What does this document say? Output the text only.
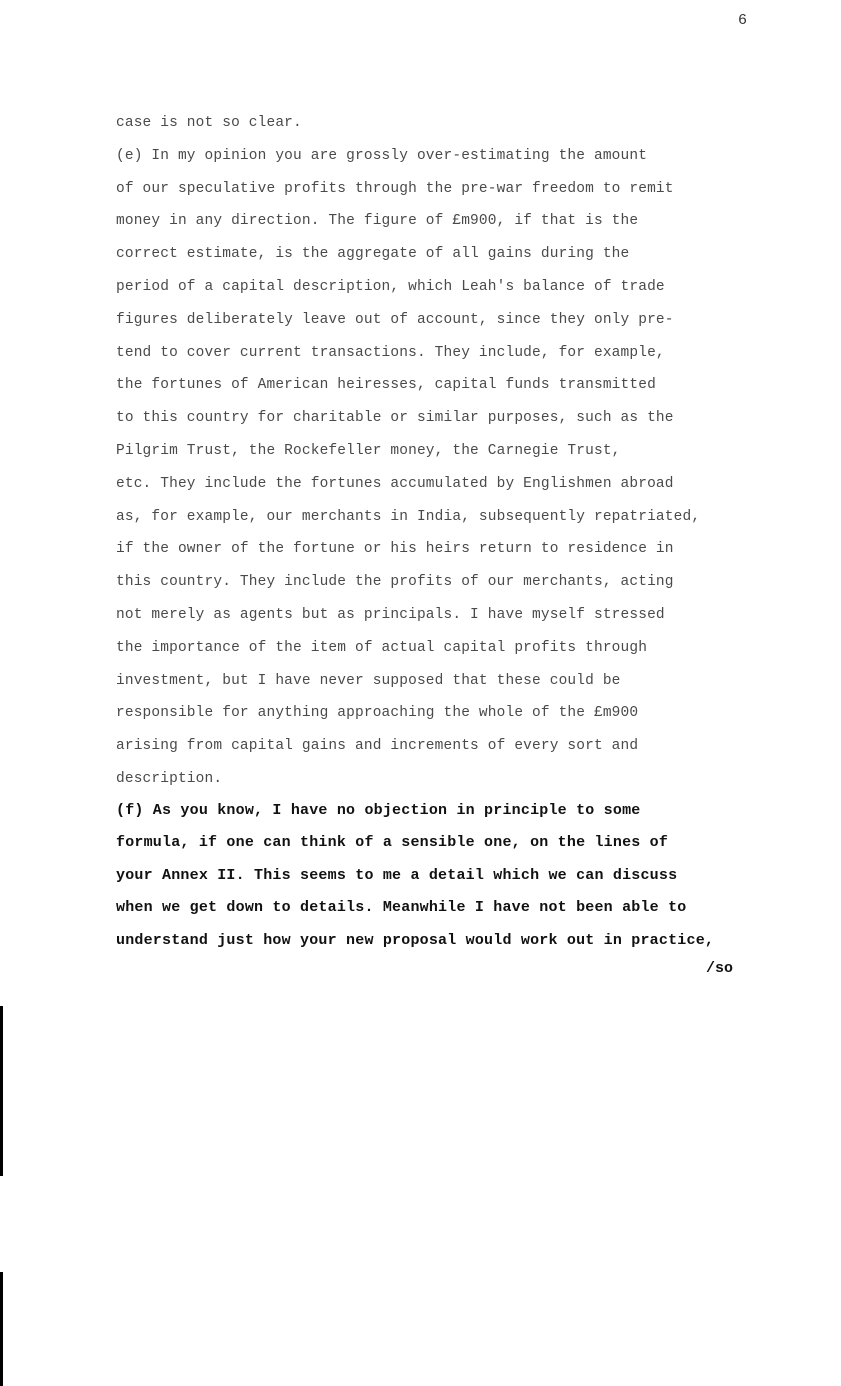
6
case is not so clear.
(e) In my opinion you are grossly over-estimating the amount
of our speculative profits through the pre-war freedom to remit
money in any direction. The figure of £m900, if that is the
correct estimate, is the aggregate of all gains during the
period of a capital description, which Leah's balance of trade
figures deliberately leave out of account, since they only pre-
tend to cover current transactions. They include, for example,
the fortunes of American heiresses, capital funds transmitted
to this country for charitable or similar purposes, such as the
Pilgrim Trust, the Rockefeller money, the Carnegie Trust,
etc. They include the fortunes accumulated by Englishmen abroad
as, for example, our merchants in India, subsequently repatriated,
if the owner of the fortune or his heirs return to residence in
this country. They include the profits of our merchants, acting
not merely as agents but as principals. I have myself stressed
the importance of the item of actual capital profits through
investment, but I have never supposed that these could be
responsible for anything approaching the whole of the £m900
arising from capital gains and increments of every sort and
description.
(f) As you know, I have no objection in principle to some
formula, if one can think of a sensible one, on the lines of
your Annex II. This seems to me a detail which we can discuss
when we get down to details. Meanwhile I have not been able to
understand just how your new proposal would work out in practice,
/so
